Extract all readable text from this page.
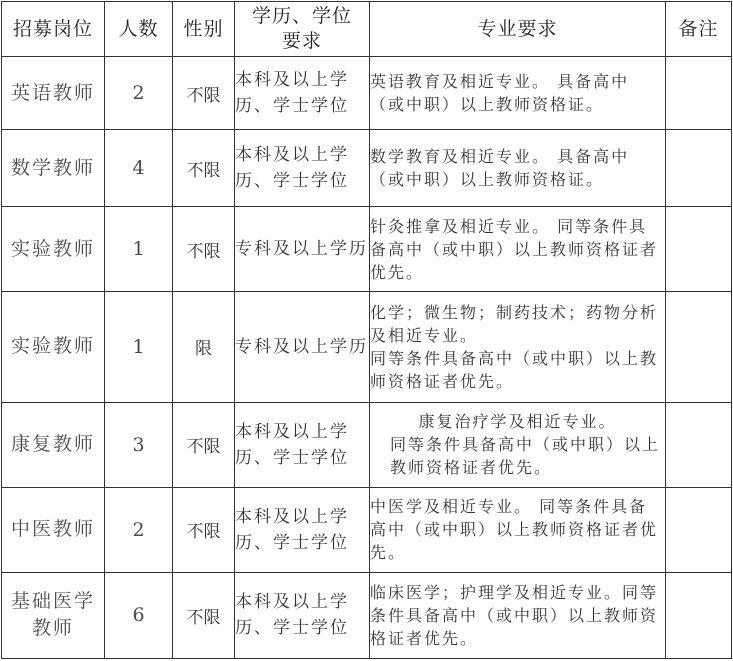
招募岗位	人数	性别	学历、学位要求	专业要求	备注
英语教师	2	不限	本科及以上学历、学士学位	英语教育及相近专业。 具备高中（或中职）以上教师资格证。	

数学教师	4	不限	本科及以上学历、学士学位	数学教育及相近专业。 具备高中（或中职）以上教师资格证。	

实验教师	1	不限	专科及以上学历	针灸推拿及相近专业。 同等条件具备高中（或中职）以上教师资格证者优先。	

实验教师	1	限	专科及以上学历	化学；微生物；制药技术；药物分析及相近专业。
同等条件具备高中（或中职）以上教师资格证者优先。	

康复教师	3	不限	本科及以上学历、学士学位	康复治疗学及相近专业。
同等条件具备高中（或中职）以上教师资格证者优先。	

中医教师	2	不限	本科及以上学历、学士学位	中医学及相近专业。 同等条件具备高中（或中职）以上教师资格证者优先。	

基础医学教师	6	不限	本科及以上学历、学士学位	临床医学；护理学及相近专业。同等条件具备高中（或中职）以上教师资格证者优先。	
